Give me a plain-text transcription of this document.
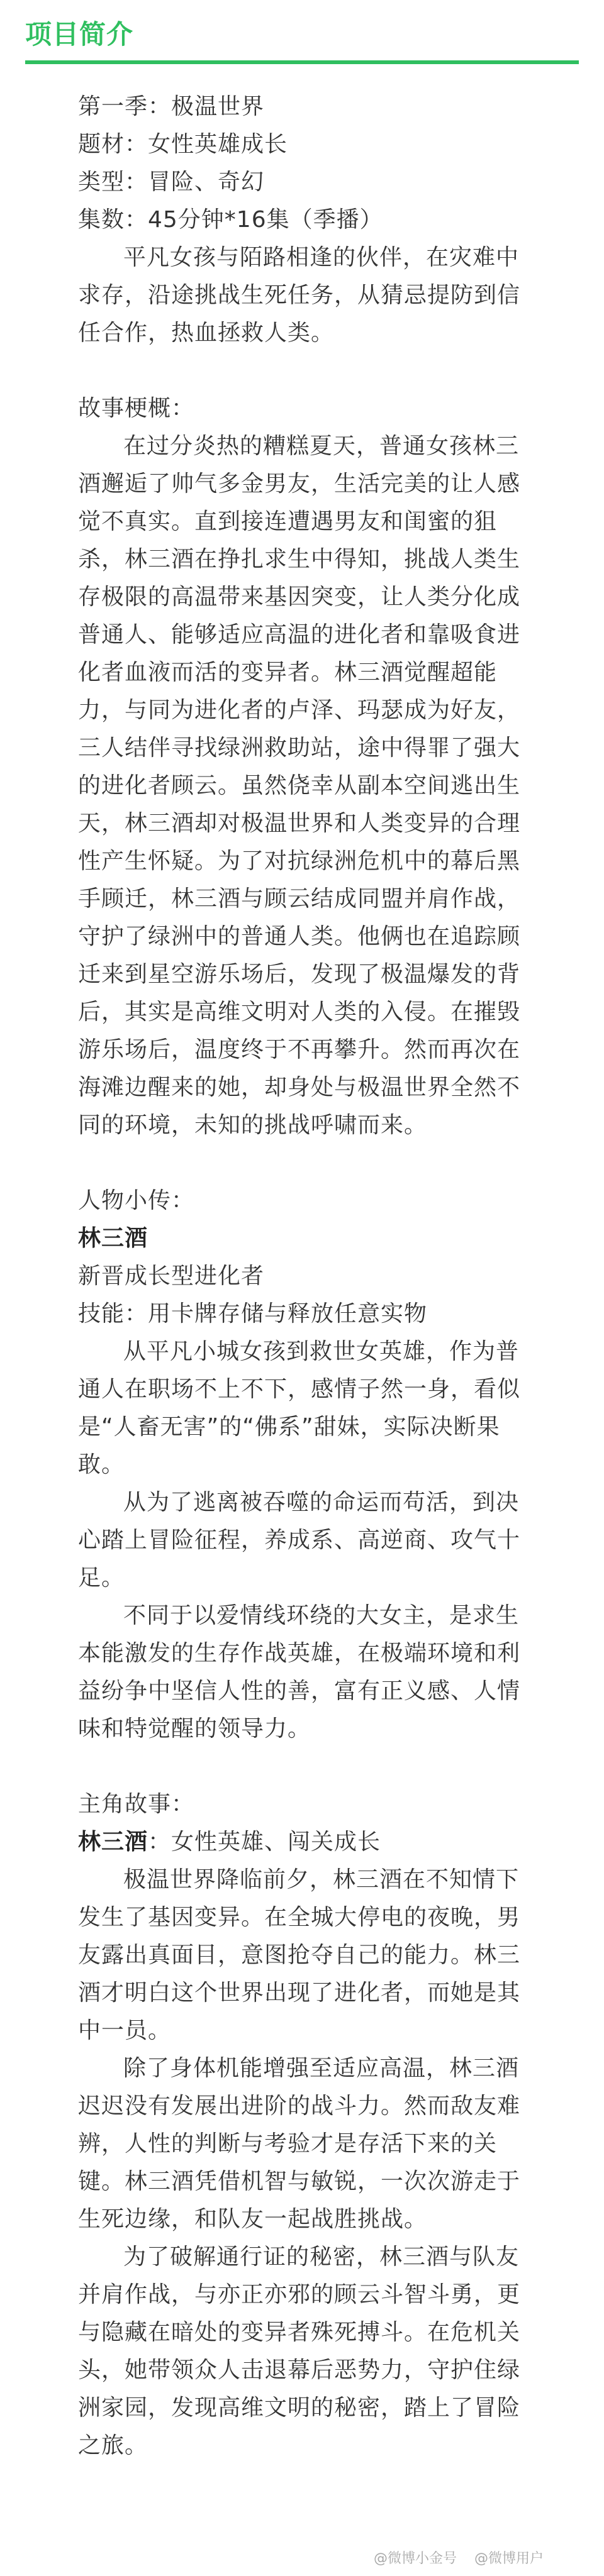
项目简介

第一季：极温世界

题材：女性英雄成长

类型：冒险、奇幻

集数：45分钟*16集（季播）

平凡女孩与陌路相逢的伙伴，在灾难中求存，沿途挑战生死任务，从猜忌提防到信任合作，热血拯救人类。

故事梗概：

在过分炎热的糟糕夏天，普通女孩林三酒邂逅了帅气多金男友，生活完美的让人感觉不真实。直到接连遭遇男友和闺蜜的狙杀，林三酒在挣扎求生中得知，挑战人类生存极限的高温带来基因突变，让人类分化成普通人、能够适应高温的进化者和靠吸食进化者血液而活的变异者。林三酒觉醒超能力，与同为进化者的卢泽、玛瑟成为好友，三人结伴寻找绿洲救助站，途中得罪了强大的进化者顾云。虽然侥幸从副本空间逃出生天，林三酒却对极温世界和人类变异的合理性产生怀疑。为了对抗绿洲危机中的幕后黑手顾迁，林三酒与顾云结成同盟并肩作战，守护了绿洲中的普通人类。他俩也在追踪顾迁来到星空游乐场后，发现了极温爆发的背后，其实是高维文明对人类的入侵。在摧毁游乐场后，温度终于不再攀升。然而再次在海滩边醒来的她，却身处与极温世界全然不同的环境，未知的挑战呼啸而来。

人物小传：

林三酒

新晋成长型进化者

技能：用卡牌存储与释放任意实物

从平凡小城女孩到救世女英雄，作为普通人在职场不上不下，感情子然一身，看似是“人畜无害”的“佛系”甜妹，实际决断果敢。

从为了逃离被吞噬的命运而苟活，到决心踏上冒险征程，养成系、高逆商、攻气十足。

不同于以爱情线环绕的大女主，是求生本能激发的生存作战英雄，在极端环境和利益纷争中坚信人性的善，富有正义感、人情味和特觉醒的领导力。

主角故事：

林三酒：女性英雄、闯关成长

极温世界降临前夕，林三酒在不知情下发生了基因变异。在全城大停电的夜晚，男友露出真面目，意图抢夺自己的能力。林三酒才明白这个世界出现了进化者，而她是其中一员。

除了身体机能增强至适应高温，林三酒迟迟没有发展出进阶的战斗力。然而敌友难辨，人性的判断与考验才是存活下来的关键。林三酒凭借机智与敏锐，一次次游走于生死边缘，和队友一起战胜挑战。

为了破解通行证的秘密，林三酒与队友并肩作战，与亦正亦邪的顾云斗智斗勇，更与隐藏在暗处的变异者殊死搏斗。在危机关头，她带领众人击退幕后恶势力，守护住绿洲家园，发现高维文明的秘密，踏上了冒险之旅。

@微博小金号 @微博用户
